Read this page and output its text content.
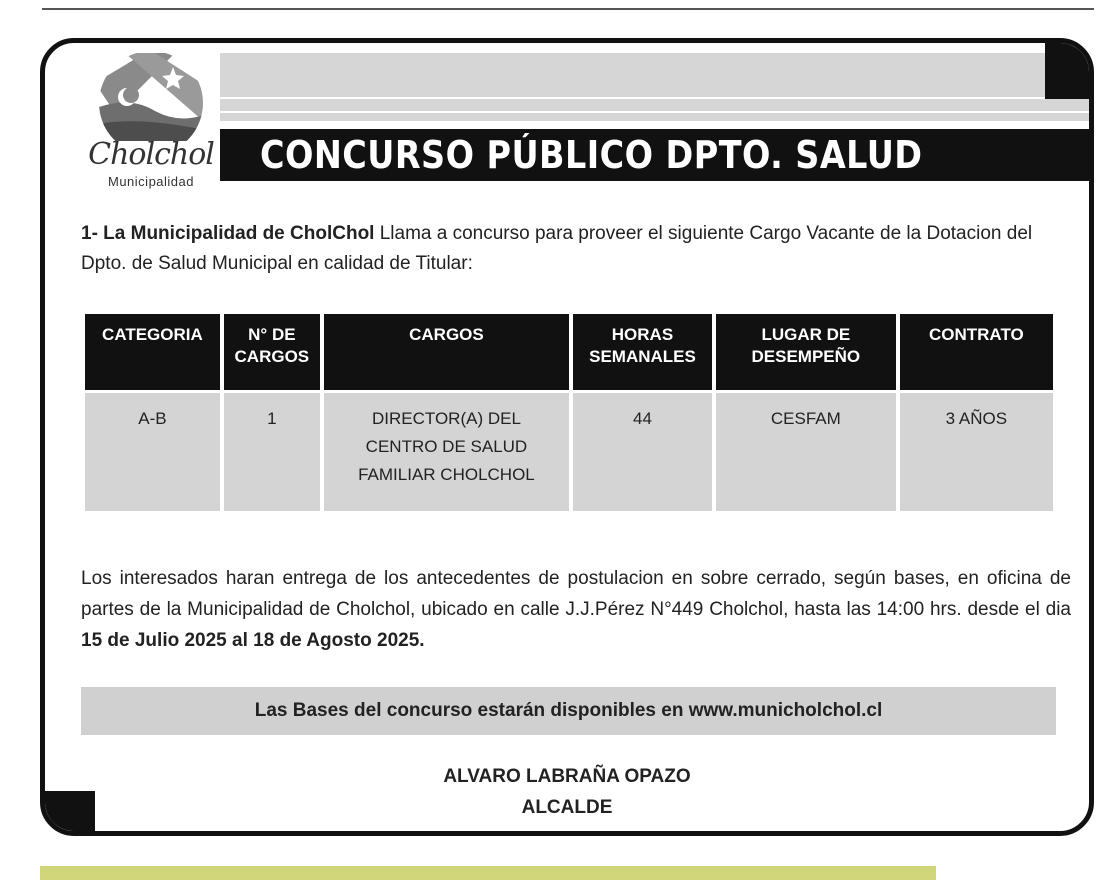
Cholchol
Municipalidad
CONCURSO PÚBLICO DPTO. SALUD
1- La Municipalidad de CholChol Llama a concurso para proveer el siguiente Cargo Vacante de la Dotacion del Dpto. de Salud Municipal en calidad de Titular:
CATEGORIA	N° DE CARGOS	CARGOS	HORAS SEMANALES	LUGAR DE DESEMPEÑO	CONTRATO
A-B	1	DIRECTOR(A) DEL CENTRO DE SALUD FAMILIAR CHOLCHOL	44	CESFAM	3 AÑOS
Los interesados haran entrega de los antecedentes de postulacion en sobre cerrado, según bases, en oficina de partes de la Municipalidad de Cholchol, ubicado en calle J.J.Pérez N°449 Cholchol, hasta las 14:00 hrs. desde el dia 15 de Julio 2025 al 18 de Agosto 2025.
Las Bases del concurso estarán disponibles en www.municholchol.cl
ALVARO LABRAÑA OPAZO
ALCALDE
